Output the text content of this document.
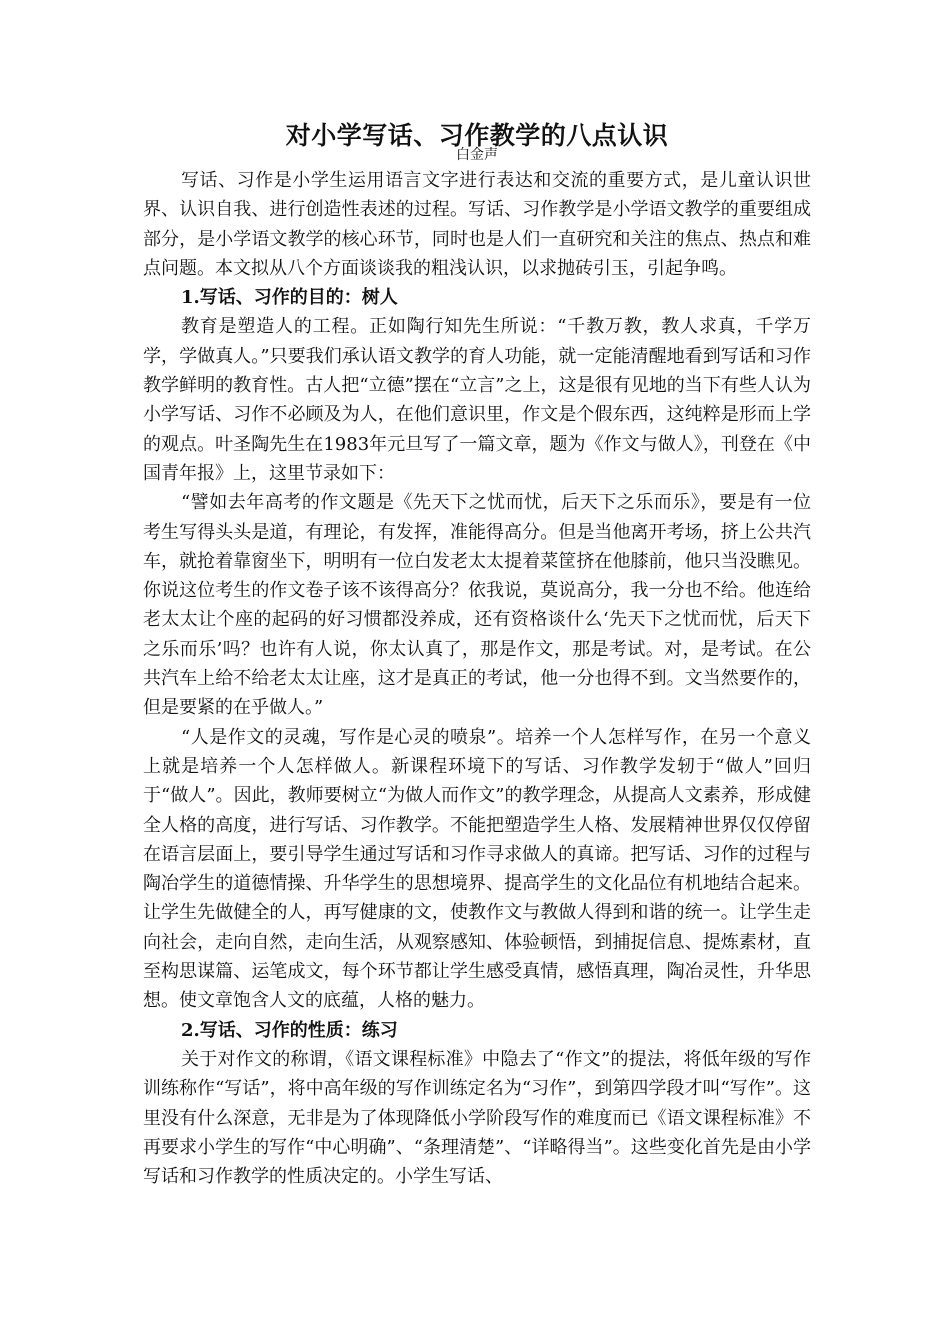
对小学写话、习作教学的八点认识
白金声

写话、习作是小学生运用语言文字进行表达和交流的重要方式，是儿童认识世界、认识自我、进行创造性表述的过程。写话、习作教学是小学语文教学的重要组成部分，是小学语文教学的核心环节，同时也是人们一直研究和关注的焦点、热点和难点问题。本文拟从八个方面谈谈我的粗浅认识，以求抛砖引玉，引起争鸣。

1.写话、习作的目的：树人

教育是塑造人的工程。正如陶行知先生所说：“千教万教，教人求真，千学万学，学做真人。”只要我们承认语文教学的育人功能，就一定能清醒地看到写话和习作教学鲜明的教育性。古人把“立德”摆在“立言”之上，这是很有见地的当下有些人认为小学写话、习作不必顾及为人，在他们意识里，作文是个假东西，这纯粹是形而上学的观点。叶圣陶先生在1983年元旦写了一篇文章，题为《作文与做人》，刊登在《中国青年报》上，这里节录如下：

“譬如去年高考的作文题是《先天下之忧而忧，后天下之乐而乐》，要是有一位考生写得头头是道，有理论，有发挥，准能得高分。但是当他离开考场，挤上公共汽车，就抢着靠窗坐下，明明有一位白发老太太提着菜筐挤在他膝前，他只当没瞧见。你说这位考生的作文卷子该不该得高分？依我说，莫说高分，我一分也不给。他连给老太太让个座的起码的好习惯都没养成，还有资格谈什么‘先天下之忧而忧，后天下之乐而乐’吗？也许有人说，你太认真了，那是作文，那是考试。对，是考试。在公共汽车上给不给老太太让座，这才是真正的考试，他一分也得不到。文当然要作的，但是要紧的在乎做人。”

“人是作文的灵魂，写作是心灵的喷泉”。培养一个人怎样写作，在另一个意义上就是培养一个人怎样做人。新课程环境下的写话、习作教学发轫于“做人”回归于“做人”。因此，教师要树立“为做人而作文”的教学理念，从提高人文素养，形成健全人格的高度，进行写话、习作教学。不能把塑造学生人格、发展精神世界仅仅停留在语言层面上，要引导学生通过写话和习作寻求做人的真谛。把写话、习作的过程与陶冶学生的道德情操、升华学生的思想境界、提高学生的文化品位有机地结合起来。让学生先做健全的人，再写健康的文，使教作文与教做人得到和谐的统一。让学生走向社会，走向自然，走向生活，从观察感知、体验顿悟，到捕捉信息、提炼素材，直至构思谋篇、运笔成文，每个环节都让学生感受真情，感悟真理，陶冶灵性，升华思想。使文章饱含人文的底蕴，人格的魅力。

2.写话、习作的性质：练习

关于对作文的称谓，《语文课程标准》中隐去了“作文”的提法，将低年级的写作训练称作“写话”，将中高年级的写作训练定名为“习作”，到第四学段才叫“写作”。这里没有什么深意，无非是为了体现降低小学阶段写作的难度而已《语文课程标准》不再要求小学生的写作“中心明确”、“条理清楚”、“详略得当”。这些变化首先是由小学写话和习作教学的性质决定的。小学生写话、
